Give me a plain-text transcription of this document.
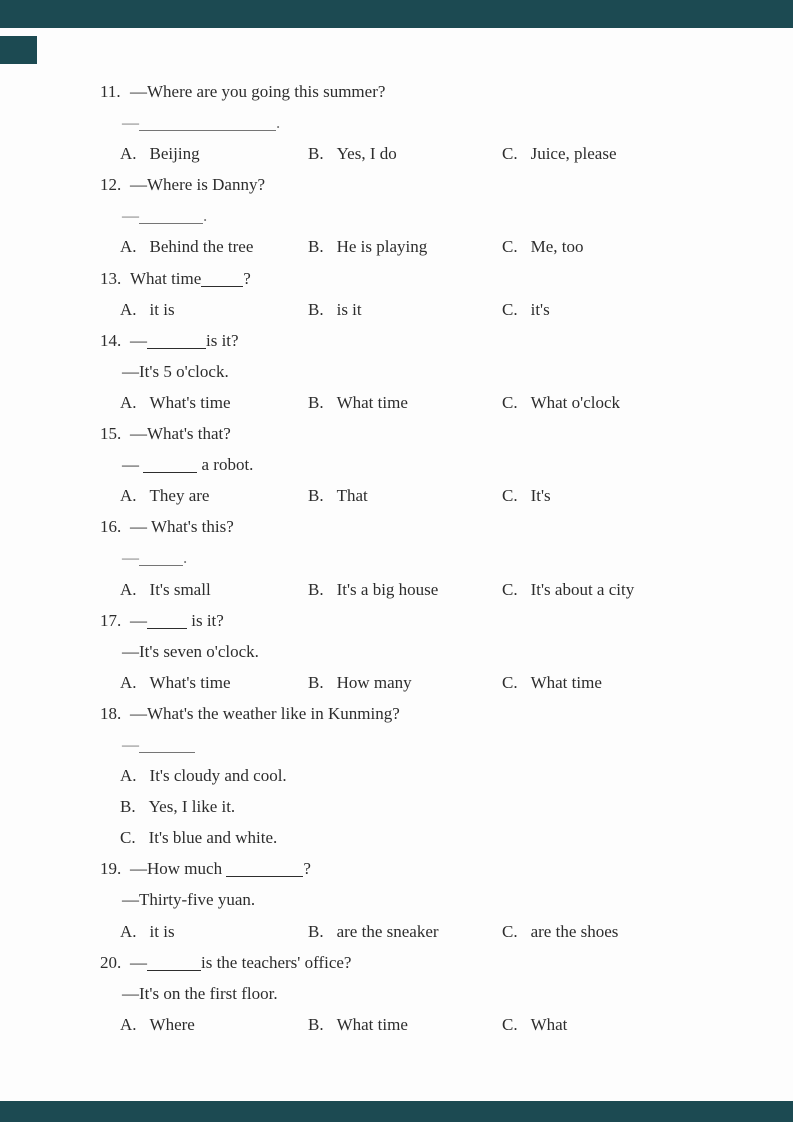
11. —Where are you going this summer?
—	.
A. Beijing	B. Yes, I do	C. Juice, please
12. —Where is Danny?
—	.
A. Behind the tree	B. He is playing	C. Me, too
13. What time ?
A. it is	B. is it	C. it's
14. —	is it?
—It's 5 o'clock.
A. What's time	B. What time	C. What o'clock
15. —What's that?
—	a robot.
A. They are	B. That	C. It's
16. — What's this?
—	.
A. It's small	B. It's a big house	C. It's about a city
17. — is it?
—It's seven o'clock.
A. What's time	B. How many	C. What time
18. —What's the weather like in Kunming?
—
A. It's cloudy and cool.
B. Yes, I like it.
C. It's blue and white.
19. —How much	?
—Thirty-five yuan.
A. it is	B. are the sneaker	C. are the shoes
20. —	is the teachers' office?
—It's on the first floor.
A. Where	B. What time	C. What
